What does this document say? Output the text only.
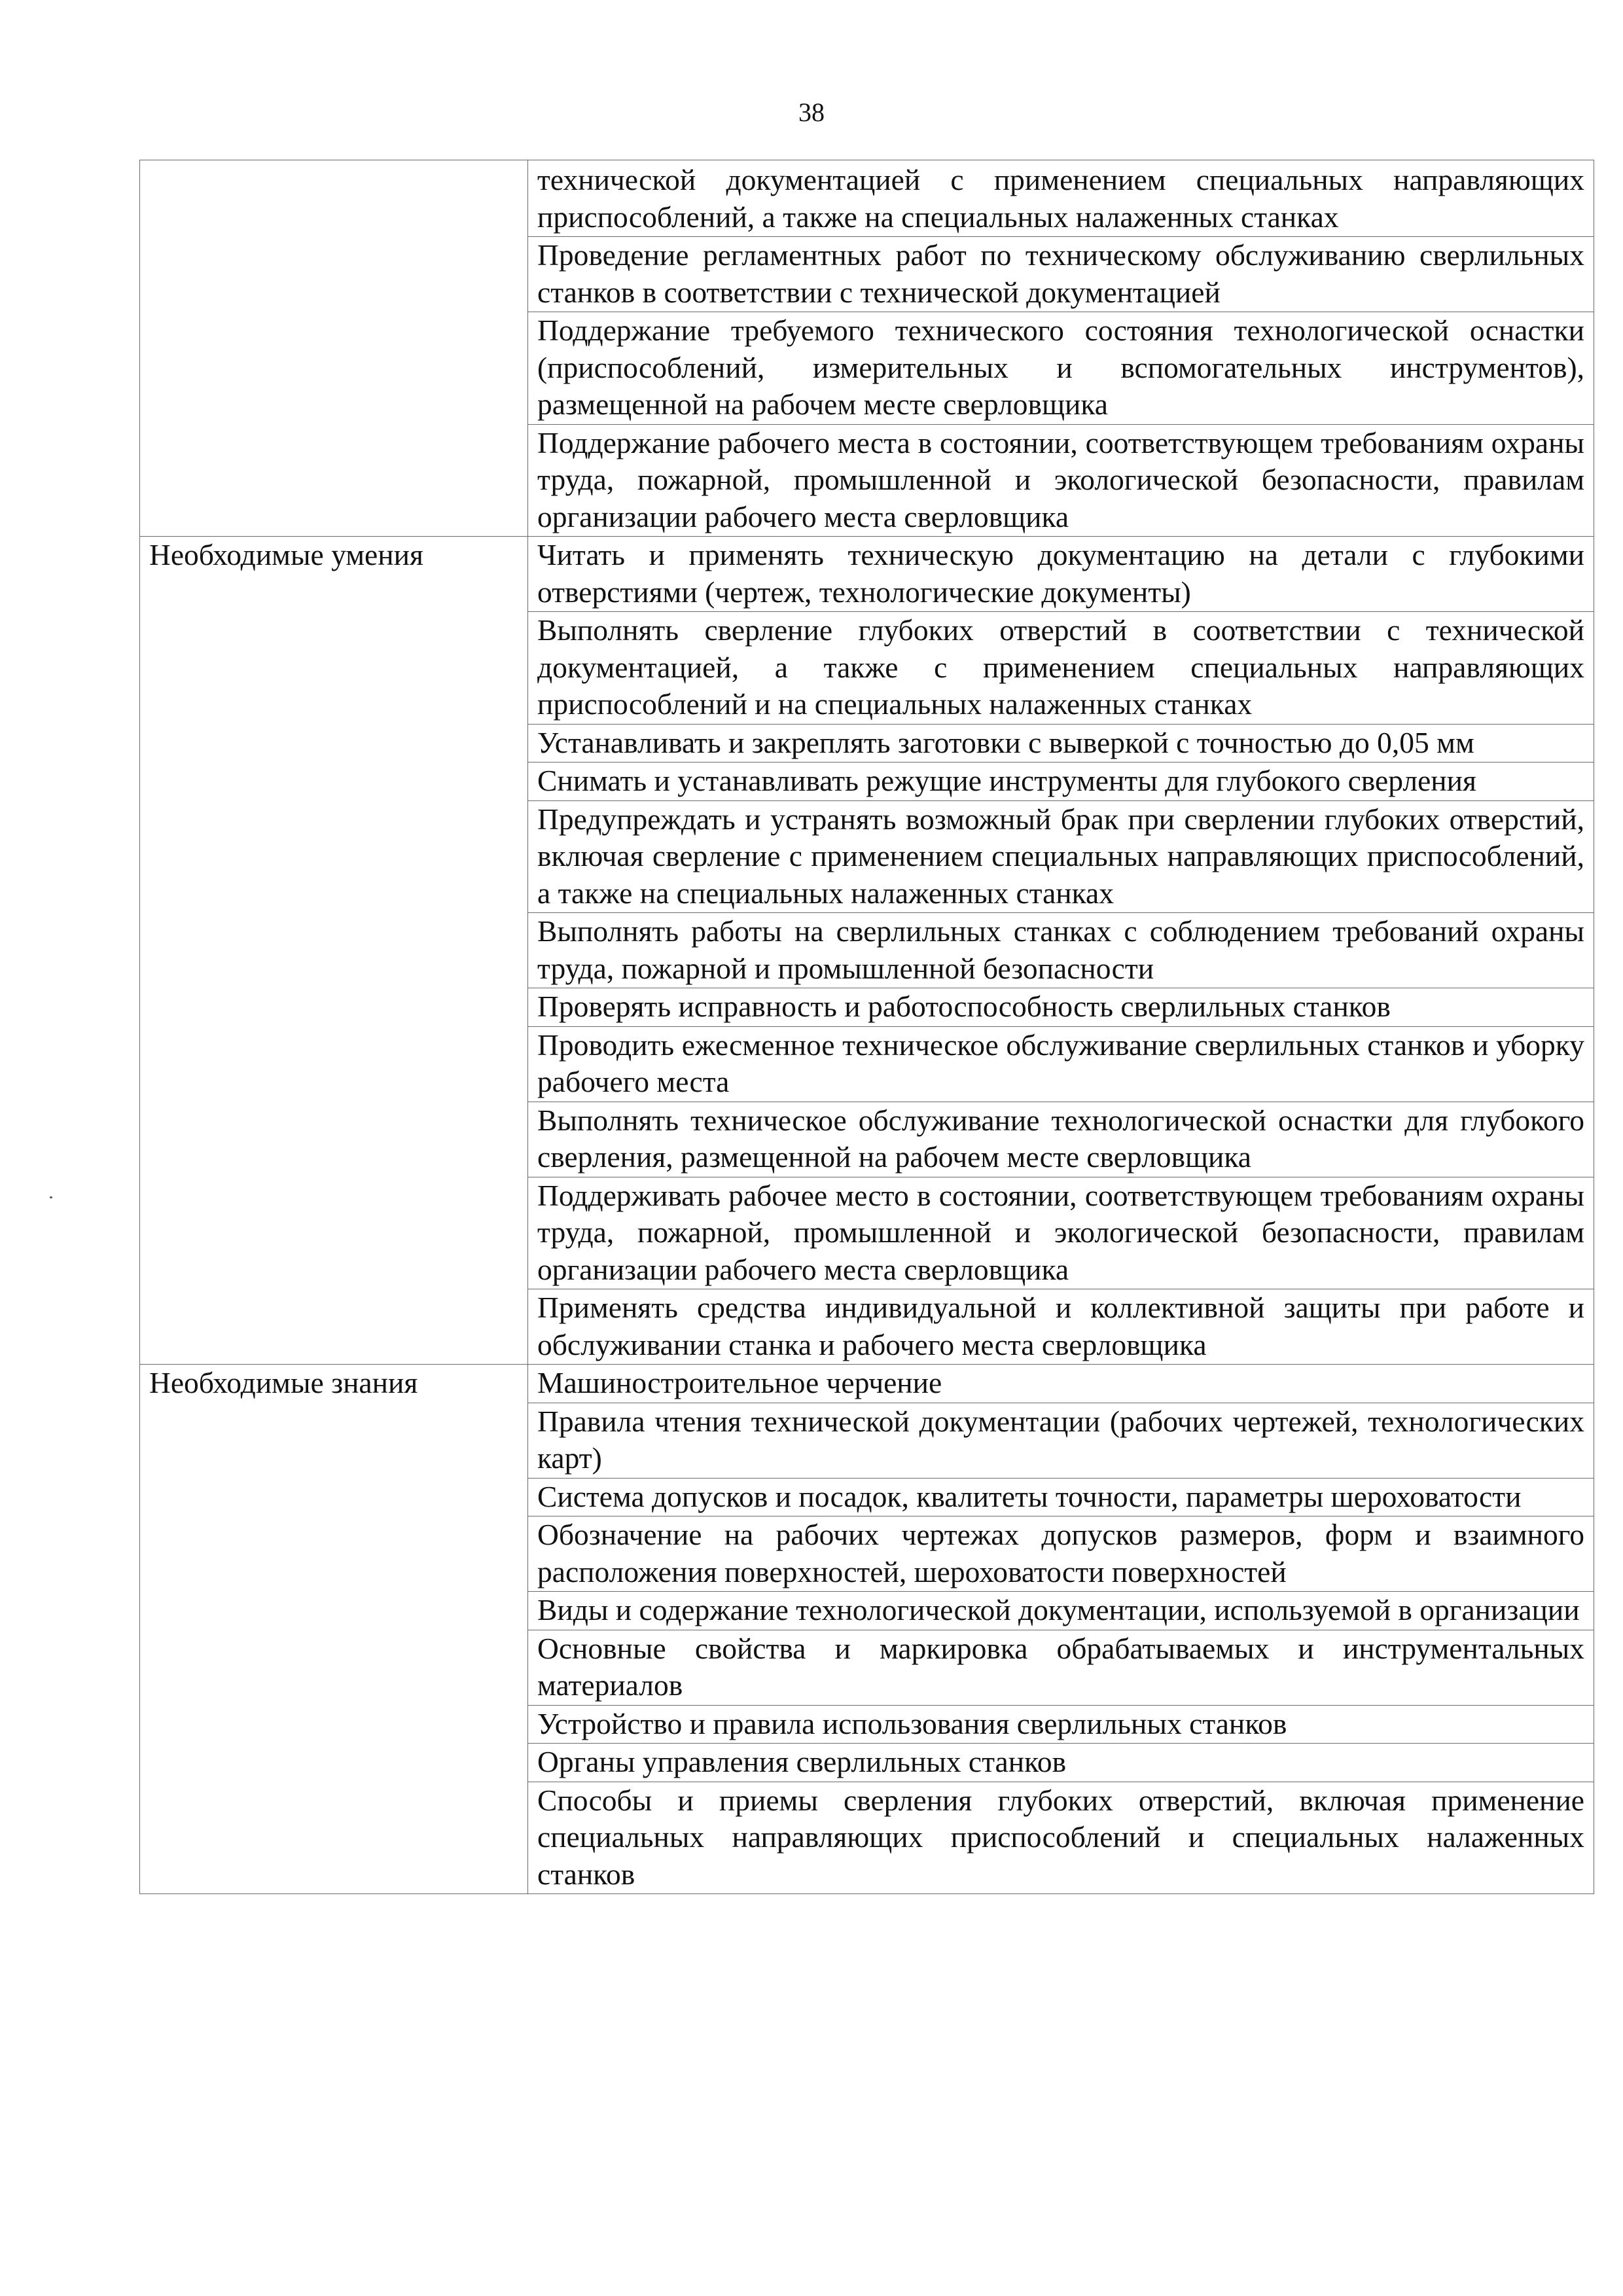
38
	технической документацией с применением специальных направляющих приспособлений, а также на специальных налаженных станках
	Проведение регламентных работ по техническому обслуживанию сверлильных станков в соответствии с технической документацией
	Поддержание требуемого технического состояния технологической оснастки (приспособлений, измерительных и вспомогательных инструментов), размещенной на рабочем месте сверловщика
	Поддержание рабочего места в состоянии, соответствующем требованиям охраны труда, пожарной, промышленной и экологической безопасности, правилам организации рабочего места сверловщика
Необходимые умения	Читать и применять техническую документацию на детали с глубокими отверстиями (чертеж, технологические документы)
	Выполнять сверление глубоких отверстий в соответствии с технической документацией, а также с применением специальных направляющих приспособлений и на специальных налаженных станках
	Устанавливать и закреплять заготовки с выверкой с точностью до 0,05 мм
	Снимать и устанавливать режущие инструменты для глубокого сверления
	Предупреждать и устранять возможный брак при сверлении глубоких отверстий, включая сверление с применением специальных направляющих приспособлений, а также на специальных налаженных станках
	Выполнять работы на сверлильных станках с соблюдением требований охраны труда, пожарной и промышленной безопасности
	Проверять исправность и работоспособность сверлильных станков
	Проводить ежесменное техническое обслуживание сверлильных станков и уборку рабочего места
	Выполнять техническое обслуживание технологической оснастки для глубокого сверления, размещенной на рабочем месте сверловщика
	Поддерживать рабочее место в состоянии, соответствующем требованиям охраны труда, пожарной, промышленной и экологической безопасности, правилам организации рабочего места сверловщика
	Применять средства индивидуальной и коллективной защиты при работе и обслуживании станка и рабочего места сверловщика
Необходимые знания	Машиностроительное черчение
	Правила чтения технической документации (рабочих чертежей, технологических карт)
	Система допусков и посадок, квалитеты точности, параметры шероховатости
	Обозначение на рабочих чертежах допусков размеров, форм и взаимного расположения поверхностей, шероховатости поверхностей
	Виды и содержание технологической документации, используемой в организации
	Основные свойства и маркировка обрабатываемых и инструментальных материалов
	Устройство и правила использования сверлильных станков
	Органы управления сверлильных станков
	Способы и приемы сверления глубоких отверстий, включая применение специальных направляющих приспособлений и специальных налаженных станков
